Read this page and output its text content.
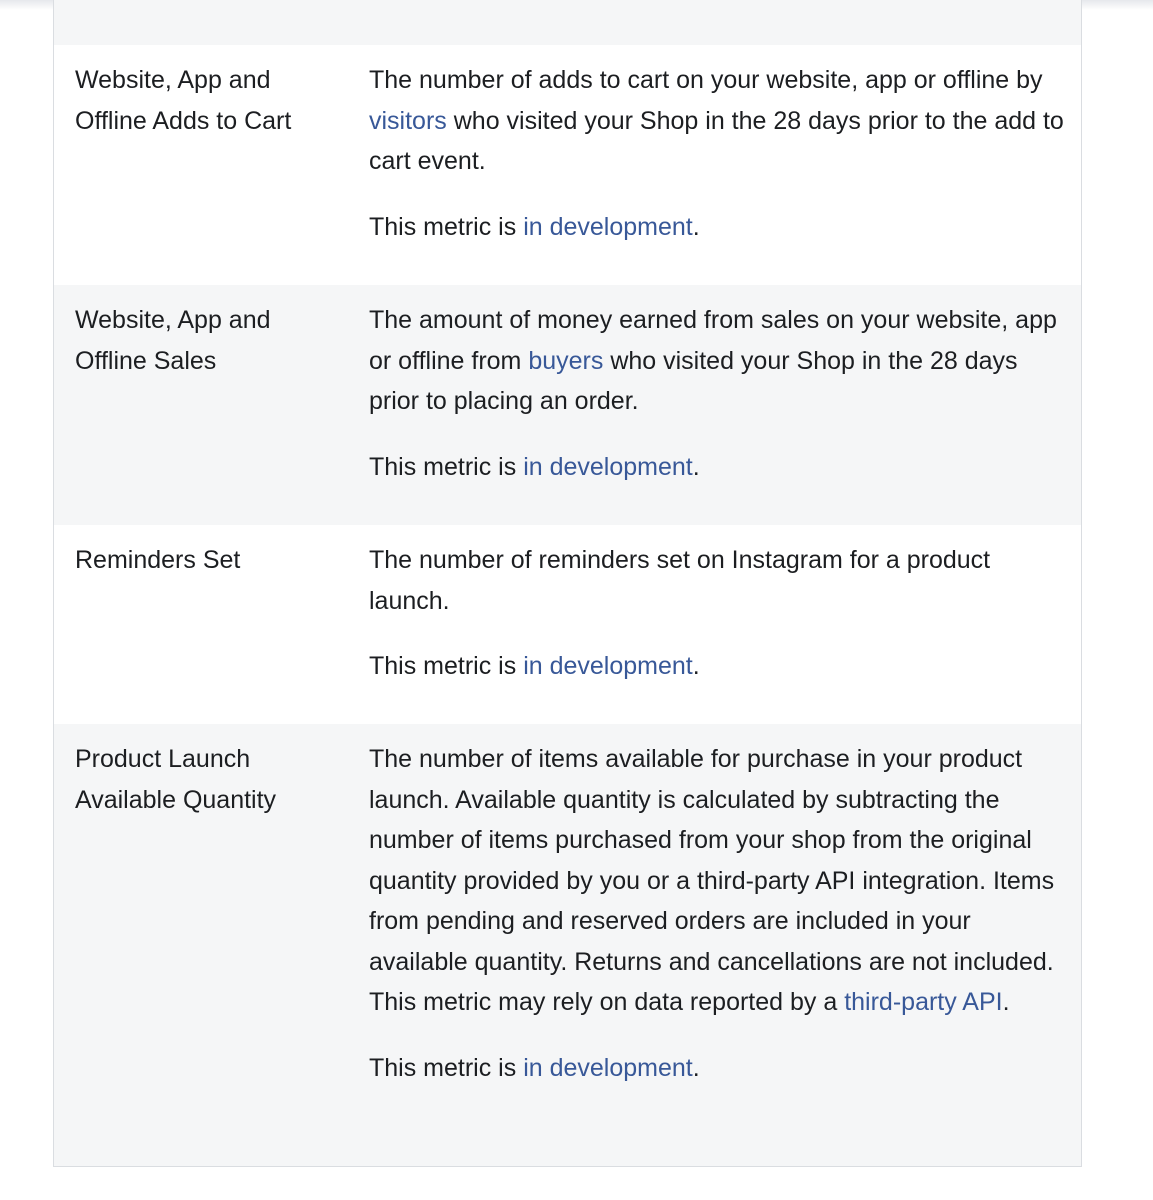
Website, App and Offline Adds to Cart

The number of adds to cart on your website, app or offline by visitors who visited your Shop in the 28 days prior to the add to cart event.

This metric is in development.

Website, App and Offline Sales

The amount of money earned from sales on your website, app or offline from buyers who visited your Shop in the 28 days prior to placing an order.

This metric is in development.

Reminders Set	The number of reminders set on Instagram for a product launch.

This metric is in development.

Product Launch Available Quantity

The number of items available for purchase in your product launch. Available quantity is calculated by subtracting the number of items purchased from your shop from the original quantity provided by you or a third-party API integration. Items from pending and reserved orders are included in your available quantity. Returns and cancellations are not included. This metric may rely on data reported by a third-party API.

This metric is in development.
